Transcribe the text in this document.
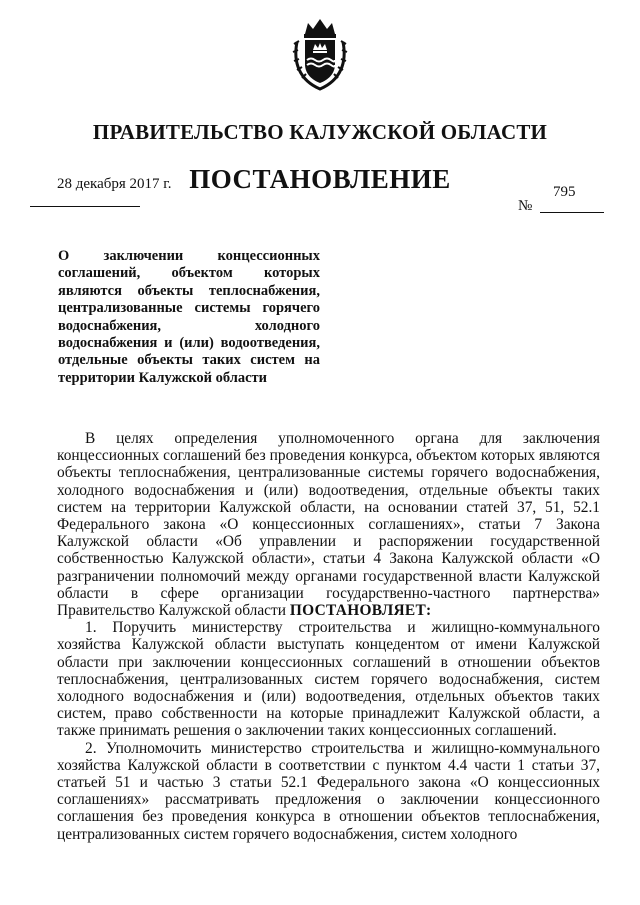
ПРАВИТЕЛЬСТВО КАЛУЖСКОЙ ОБЛАСТИ
ПОСТАНОВЛЕНИЕ
28 декабря 2017 г.	795
№
О заключении концессионных соглашений, объектом которых являются объекты теплоснабжения, централизованные системы горячего водоснабжения, холодного водоснабжения и (или) водоотведения, отдельные объекты таких систем на территории Калужской области

В целях определения уполномоченного органа для заключения концессионных соглашений без проведения конкурса, объектом которых являются объекты теплоснабжения, централизованные системы горячего водоснабжения, холодного водоснабжения и (или) водоотведения, отдельные объекты таких систем на территории Калужской области, на основании статей 37, 51, 52.1 Федерального закона «О концессионных соглашениях», статьи 7 Закона Калужской области «Об управлении и распоряжении государственной собственностью Калужской области», статьи 4 Закона Калужской области «О разграничении полномочий между органами государственной власти Калужской области в сфере организации государственно-частного партнерства» Правительство Калужской области ПОСТАНОВЛЯЕТ:

1. Поручить министерству строительства и жилищно-коммунального хозяйства Калужской области выступать концедентом от имени Калужской области при заключении концессионных соглашений в отношении объектов теплоснабжения, централизованных систем горячего водоснабжения, систем холодного водоснабжения и (или) водоотведения, отдельных объектов таких систем, право собственности на которые принадлежит Калужской области, а также принимать решения о заключении таких концессионных соглашений.

2. Уполномочить министерство строительства и жилищно-коммунального хозяйства Калужской области в соответствии с пунктом 4.4 части 1 статьи 37, статьей 51 и частью 3 статьи 52.1 Федерального закона «О концессионных соглашениях» рассматривать предложения о заключении концессионного соглашения без проведения конкурса в отношении объектов теплоснабжения, централизованных систем горячего водоснабжения, систем холодного
